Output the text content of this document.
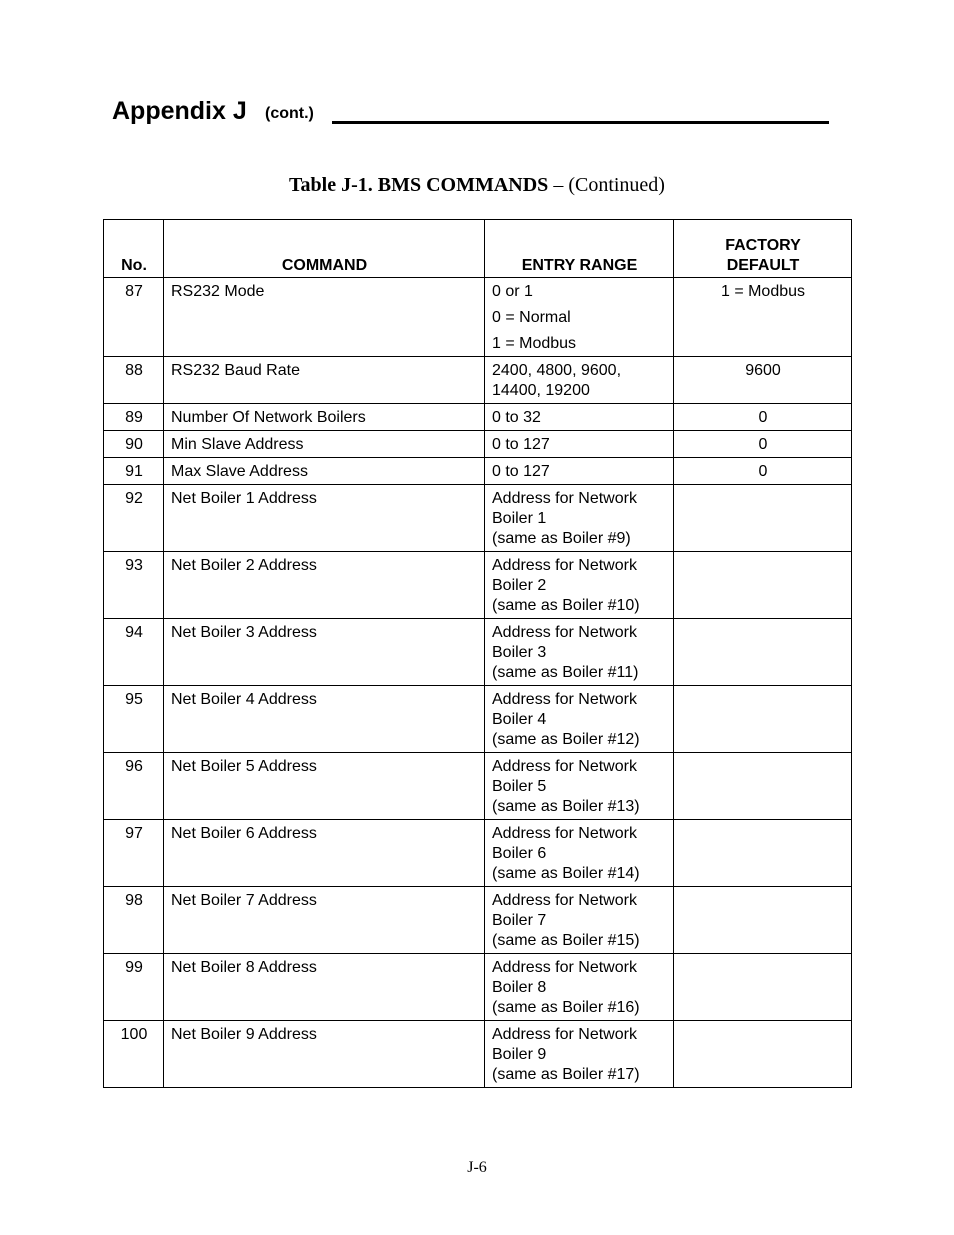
Appendix J (cont.)
Table J-1. BMS COMMANDS – (Continued)
No.	COMMAND	ENTRY RANGE	FACTORY
DEFAULT
87	RS232 Mode	0 or 1
0 = Normal
1 = Modbus	1 = Modbus
88	RS232 Baud Rate	2400, 4800, 9600,
14400, 19200	9600
89	Number Of Network Boilers	0 to 32	0
90	Min Slave Address	0 to 127	0
91	Max Slave Address	0 to 127	0
92	Net Boiler 1 Address	Address for Network
Boiler 1
(same as Boiler #9)	

93	Net Boiler 2 Address	Address for Network
Boiler 2
(same as Boiler #10)	

94	Net Boiler 3 Address	Address for Network
Boiler 3
(same as Boiler #11)	

95	Net Boiler 4 Address	Address for Network
Boiler 4
(same as Boiler #12)	

96	Net Boiler 5 Address	Address for Network
Boiler 5
(same as Boiler #13)	

97	Net Boiler 6 Address	Address for Network
Boiler 6
(same as Boiler #14)	

98	Net Boiler 7 Address	Address for Network
Boiler 7
(same as Boiler #15)	

99	Net Boiler 8 Address	Address for Network
Boiler 8
(same as Boiler #16)	

100	Net Boiler 9 Address	Address for Network
Boiler 9
(same as Boiler #17)	

J-6
